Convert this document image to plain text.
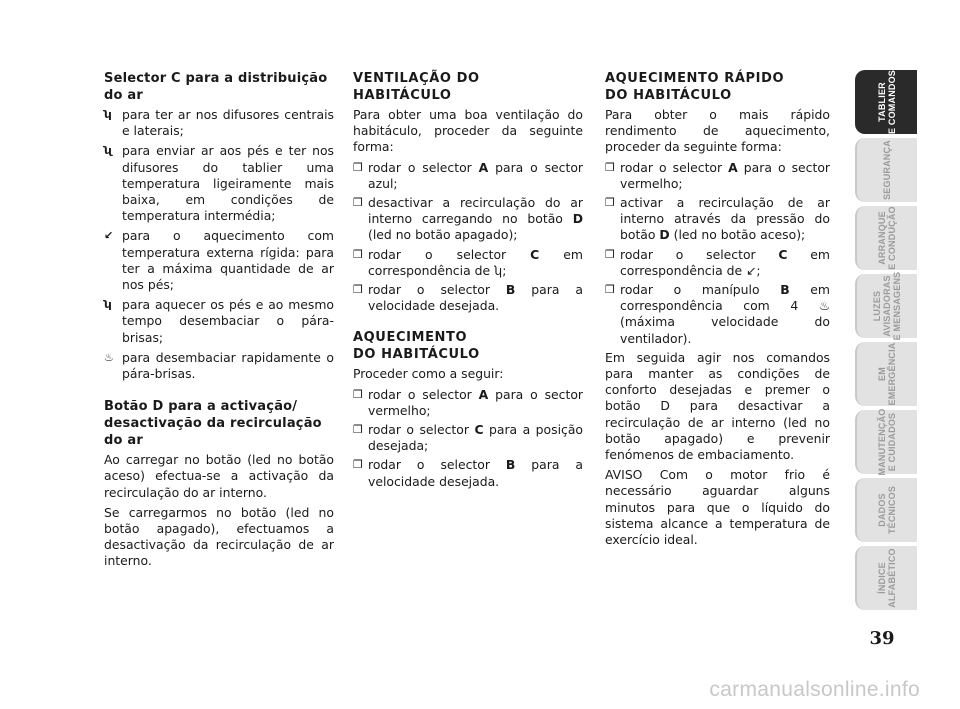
Selector C para a distribuição do ar
ʮ para ter ar nos difusores centrais e laterais;
ʯ para enviar ar aos pés e ter nos difusores do tablier uma temperatura ligeiramente mais baixa, em condições de temperatura intermédia;
↙ para o aquecimento com temperatura externa rígida: para ter a máxima quantidade de ar nos pés;
ʮ para aquecer os pés e ao mesmo tempo desembaciar o pára-brisas;
♨ para desembaciar rapidamente o pára-brisas.
Botão D para a activação/
desactivação da recirculação do ar

Ao carregar no botão (led no botão aceso) efectua-se a activação da recirculação do ar interno.

Se carregarmos no botão (led no botão apagado), efectuamos a desactivação da recirculação de ar interno.

VENTILAÇÃO DO HABITÁCULO

Para obter uma boa ventilação do habitáculo, proceder da seguinte forma:

❒ rodar o selector A para o sector azul;
❒ desactivar a recirculação do ar interno carregando no botão D (led no botão apagado);
❒ rodar o selector C em correspondência de ʮ;
❒ rodar o selector B para a velocidade desejada.
AQUECIMENTO
DO HABITÁCULO

Proceder como a seguir:

❒ rodar o selector A para o sector vermelho;
❒ rodar o selector C para a posição desejada;
❒ rodar o selector B para a velocidade desejada.
AQUECIMENTO RÁPIDO
DO HABITÁCULO

Para obter o mais rápido rendimento de aquecimento, proceder da seguinte forma:

❒ rodar o selector A para o sector vermelho;
❒ activar a recirculação de ar interno através da pressão do botão D (led no botão aceso);
❒ rodar o selector C em correspondência de ↙;
❒ rodar o manípulo B em correspondência com 4 ♨ (máxima velocidade do ventilador).

Em seguida agir nos comandos para manter as condições de conforto desejadas e premer o botão D para desactivar a recirculação de ar interno (led no botão apagado) e prevenir fenómenos de embaciamento.

AVISO Com o motor frio é necessário aguardar alguns minutos para que o líquido do sistema alcance a temperatura de exercício ideal.

TABLIER
E COMANDOS
SEGURANÇA
ARRANQUE
E CONDUÇÃO
LUZES
AVISADORAS
E MENSAGENS
EM
EMERGÊNCIA
MANUTENÇÃO
E CUIDADOS
DADOS
TÉCNICOS
ÍNDICE
ALFABÉTICO
39
carmanualsonline.info
